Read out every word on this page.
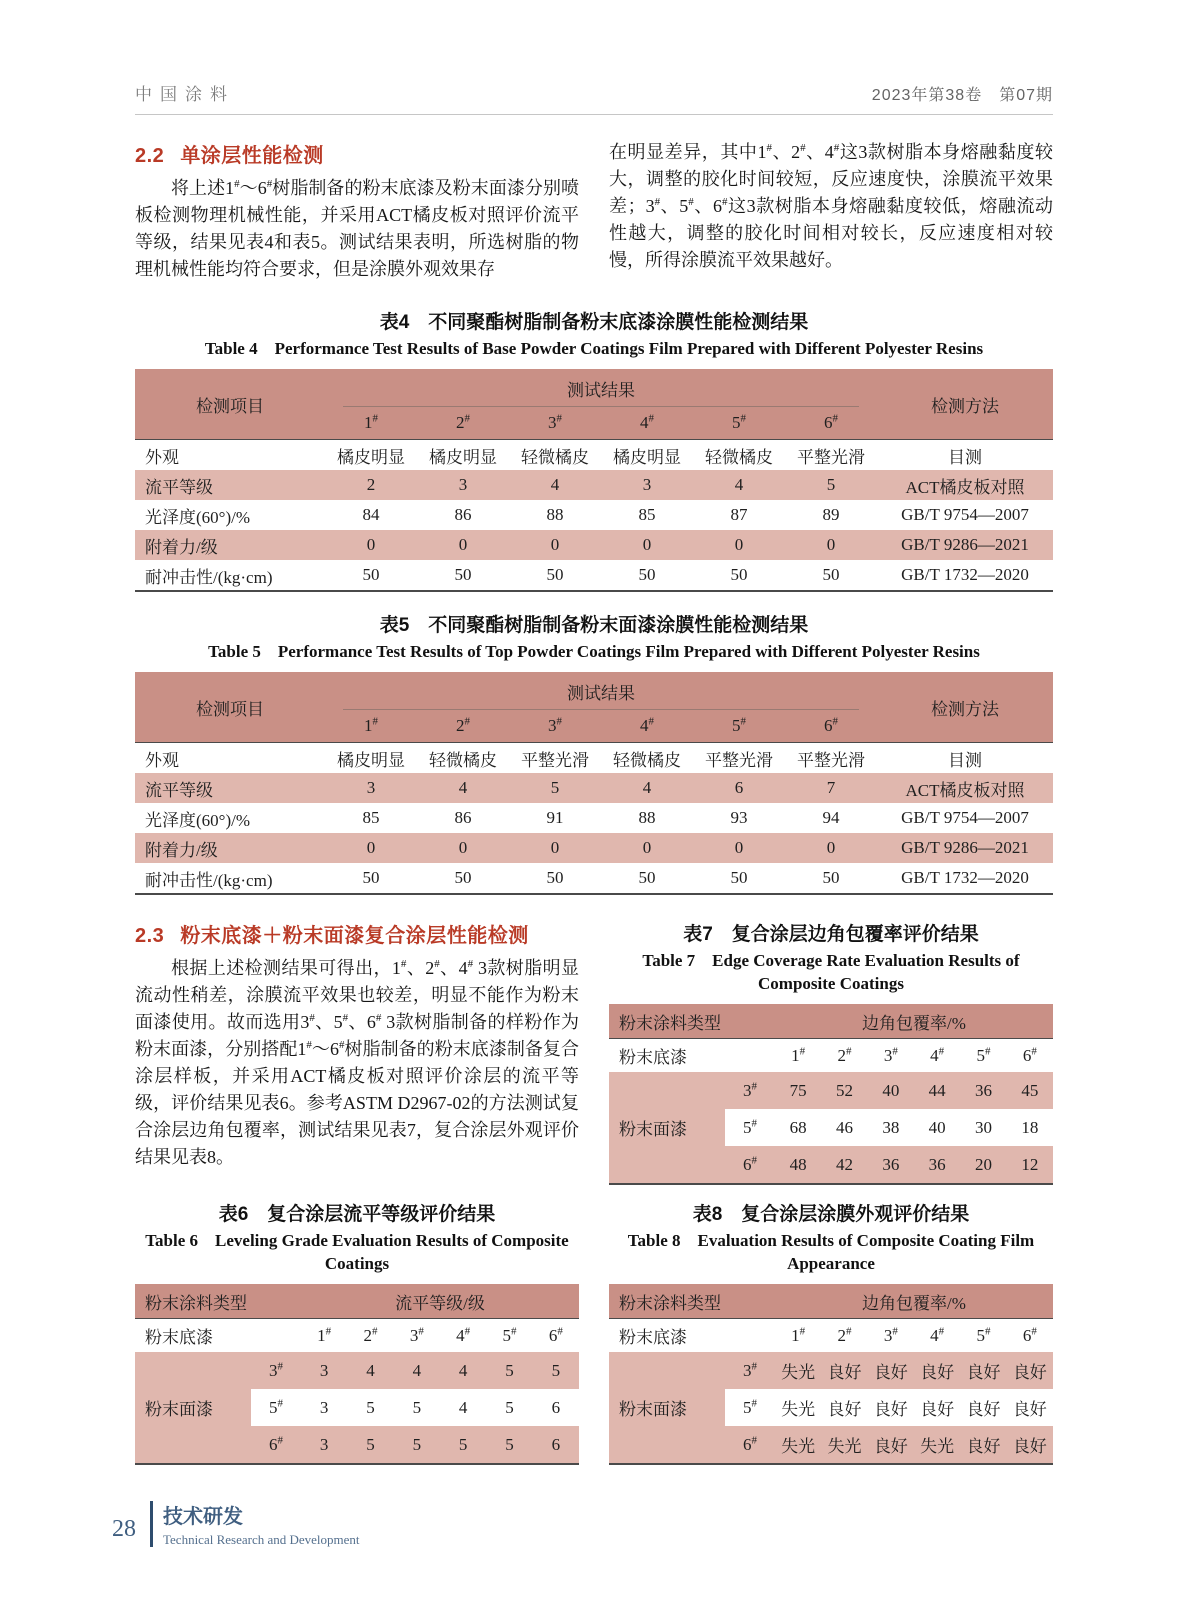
中国涂料	2023年第38卷　第07期
2.2 单涂层性能检测

将上述1#～6#树脂制备的粉末底漆及粉末面漆分别喷板检测物理机械性能，并采用ACT橘皮板对照评价流平等级，结果见表4和表5。测试结果表明，所选树脂的物理机械性能均符合要求，但是涂膜外观效果存

在明显差异，其中1#、2#、4#这3款树脂本身熔融黏度较大，调整的胶化时间较短，反应速度快，涂膜流平效果差；3#、5#、6#这3款树脂本身熔融黏度较低，熔融流动性越大，调整的胶化时间相对较长，反应速度相对较慢，所得涂膜流平效果越好。

表4　不同聚酯树脂制备粉末底漆涂膜性能检测结果
Table 4　Performance Test Results of Base Powder Coatings Film Prepared with Different Polyester Resins
检测项目	测试结果						检测方法
	1#	2#	3#	4#	5#	6#
外观	橘皮明显	橘皮明显	轻微橘皮	橘皮明显	轻微橘皮	平整光滑	目测
流平等级	2	3	4	3	4	5	ACT橘皮板对照
光泽度(60°)/%	84	86	88	85	87	89	GB/T 9754—2007
附着力/级	0	0	0	0	0	0	GB/T 9286—2021
耐冲击性/(kg·cm)	50	50	50	50	50	50	GB/T 1732—2020
表5　不同聚酯树脂制备粉末面漆涂膜性能检测结果
Table 5　Performance Test Results of Top Powder Coatings Film Prepared with Different Polyester Resins
检测项目	测试结果						检测方法
	1#	2#	3#	4#	5#	6#
外观	橘皮明显	轻微橘皮	平整光滑	轻微橘皮	平整光滑	平整光滑	目测
流平等级	3	4	5	4	6	7	ACT橘皮板对照
光泽度(60°)/%	85	86	91	88	93	94	GB/T 9754—2007
附着力/级	0	0	0	0	0	0	GB/T 9286—2021
耐冲击性/(kg·cm)	50	50	50	50	50	50	GB/T 1732—2020
2.3 粉末底漆＋粉末面漆复合涂层性能检测

根据上述检测结果可得出，1#、2#、4# 3款树脂明显流动性稍差，涂膜流平效果也较差，明显不能作为粉末面漆使用。故而选用3#、5#、6# 3款树脂制备的样粉作为粉末面漆，分别搭配1#～6#树脂制备的粉末底漆制备复合涂层样板，并采用ACT橘皮板对照评价涂层的流平等级，评价结果见表6。参考ASTM D2967-02的方法测试复合涂层边角包覆率，测试结果见表7，复合涂层外观评价结果见表8。

表7　复合涂层边角包覆率评价结果
Table 7　Edge Coverage Rate Evaluation Results of Composite Coatings
粉末涂料类型		边角包覆率/%					
粉末底漆		1#	2#	3#	4#	5#	6#
粉末面漆	3#	75	52	40	44	36	45
	5#	68	46	38	40	30	18
	6#	48	42	36	36	20	12
表6　复合涂层流平等级评价结果
Table 6　Leveling Grade Evaluation Results of Composite Coatings
粉末涂料类型		流平等级/级					
粉末底漆		1#	2#	3#	4#	5#	6#
粉末面漆	3#	3	4	4	4	5	5
	5#	3	5	5	4	5	6
	6#	3	5	5	5	5	6
表8　复合涂层涂膜外观评价结果
Table 8　Evaluation Results of Composite Coating Film Appearance
粉末涂料类型		边角包覆率/%					
粉末底漆		1#	2#	3#	4#	5#	6#
粉末面漆	3#	失光	良好	良好	良好	良好	良好
	5#	失光	良好	良好	良好	良好	良好
	6#	失光	失光	良好	失光	良好	良好
28 技术研发
Technical Research and Development
